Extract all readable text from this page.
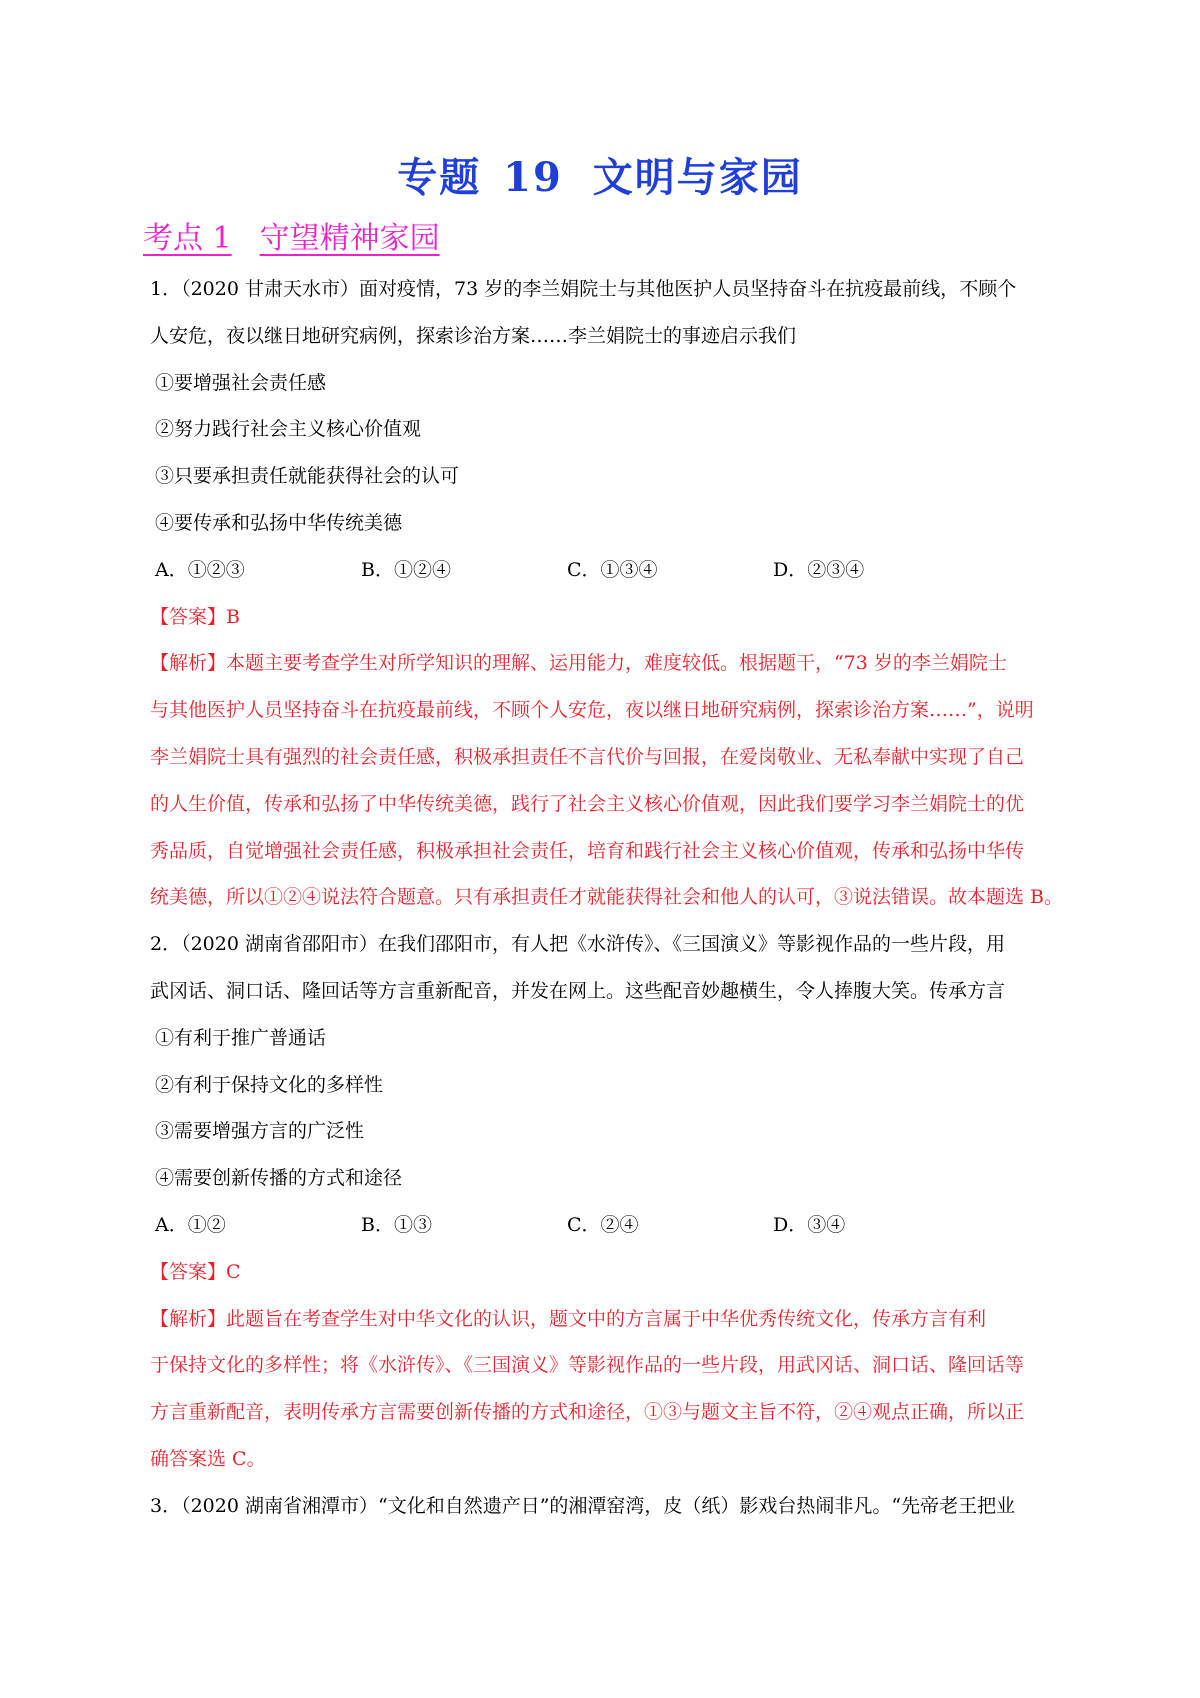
专题 19 文明与家园
考点 1 守望精神家园
1．（2020 甘肃天水市）面对疫情，73 岁的李兰娟院士与其他医护人员坚持奋斗在抗疫最前线，不顾个
人安危，夜以继日地研究病例，探索诊治方案……李兰娟院士的事迹启示我们
①要增强社会责任感
②努力践行社会主义核心价值观
③只要承担责任就能获得社会的认可
④要传承和弘扬中华传统美德
A．①②③	B．①②④	C．①③④	D．②③④
【答案】B
【解析】本题主要考查学生对所学知识的理解、运用能力，难度较低。根据题干，“73 岁的李兰娟院士
与其他医护人员坚持奋斗在抗疫最前线，不顾个人安危，夜以继日地研究病例，探索诊治方案……”，说明
李兰娟院士具有强烈的社会责任感，积极承担责任不言代价与回报，在爱岗敬业、无私奉献中实现了自己
的人生价值，传承和弘扬了中华传统美德，践行了社会主义核心价值观，因此我们要学习李兰娟院士的优
秀品质，自觉增强社会责任感，积极承担社会责任，培育和践行社会主义核心价值观，传承和弘扬中华传
统美德，所以①②④说法符合题意。只有承担责任才就能获得社会和他人的认可，③说法错误。故本题选 B。
2．（2020 湖南省邵阳市）在我们邵阳市，有人把《水浒传》、《三国演义》等影视作品的一些片段，用
武冈话、洞口话、隆回话等方言重新配音，并发在网上。这些配音妙趣横生，令人捧腹大笑。传承方言
①有利于推广普通话
②有利于保持文化的多样性
③需要增强方言的广泛性
④需要创新传播的方式和途径
A．①②	B．①③	C．②④	D．③④
【答案】C
【解析】此题旨在考查学生对中华文化的认识，题文中的方言属于中华优秀传统文化，传承方言有利
于保持文化的多样性；将《水浒传》、《三国演义》等影视作品的一些片段，用武冈话、洞口话、隆回话等
方言重新配音，表明传承方言需要创新传播的方式和途径，①③与题文主旨不符，②④观点正确，所以正
确答案选 C。
3．（2020 湖南省湘潭市）“文化和自然遗产日”的湘潭窑湾，皮（纸）影戏台热闹非凡。“先帝老王把业
